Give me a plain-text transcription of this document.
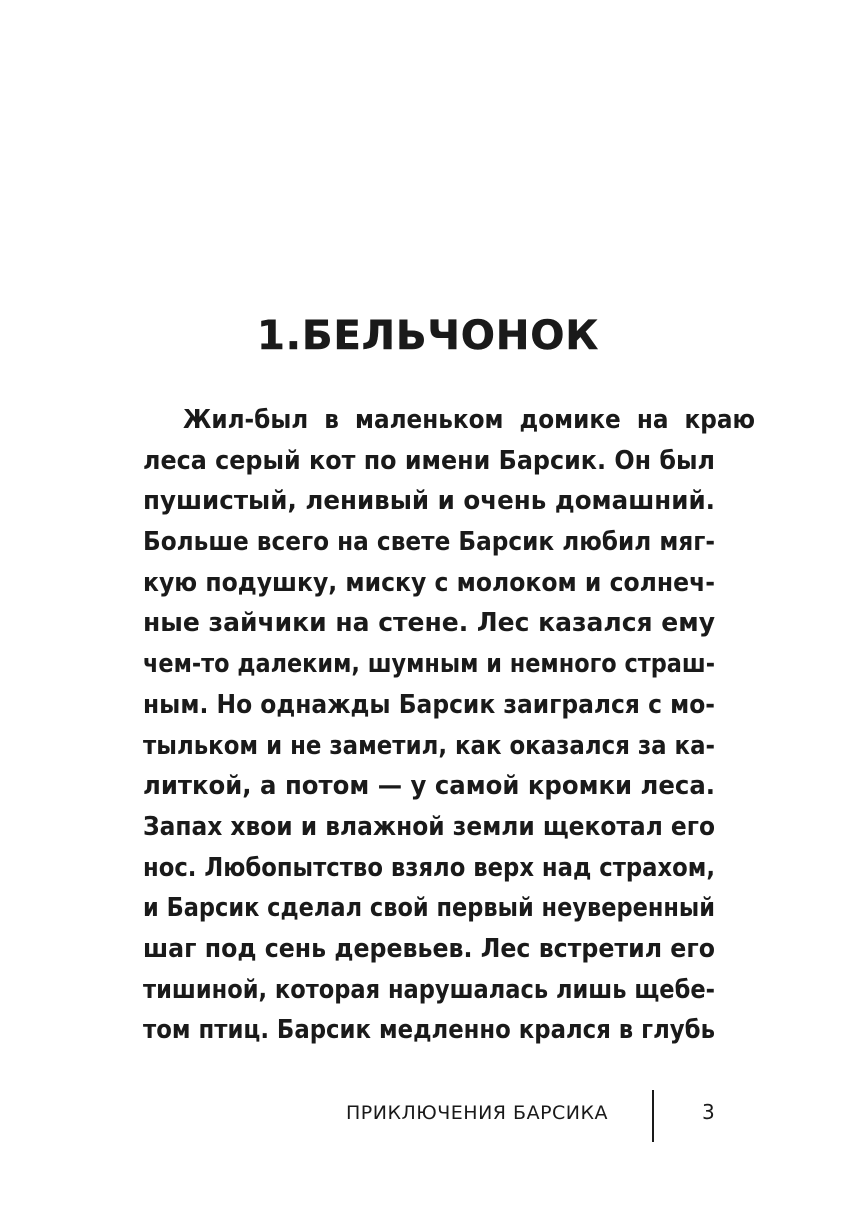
1.БЕЛЬЧОНОК
Жил-был в маленьком домике на краю
леса серый кот по имени Барсик. Он был
пушистый, ленивый и очень домашний.
Больше всего на свете Барсик любил мяг-
кую подушку, миску с молоком и солнеч-
ные зайчики на стене. Лес казался ему
чем-то далеким, шумным и немного страш-
ным. Но однажды Барсик заигрался с мо-
тыльком и не заметил, как оказался за ка-
литкой, а потом — у самой кромки леса.
Запах хвои и влажной земли щекотал его
нос. Любопытство взяло верх над страхом,
и Барсик сделал свой первый неуверенный
шаг под сень деревьев. Лес встретил его
тишиной, которая нарушалась лишь щебе-
том птиц. Барсик медленно крался в глубь
ПРИКЛЮЧЕНИЯ БАРСИКА	3
